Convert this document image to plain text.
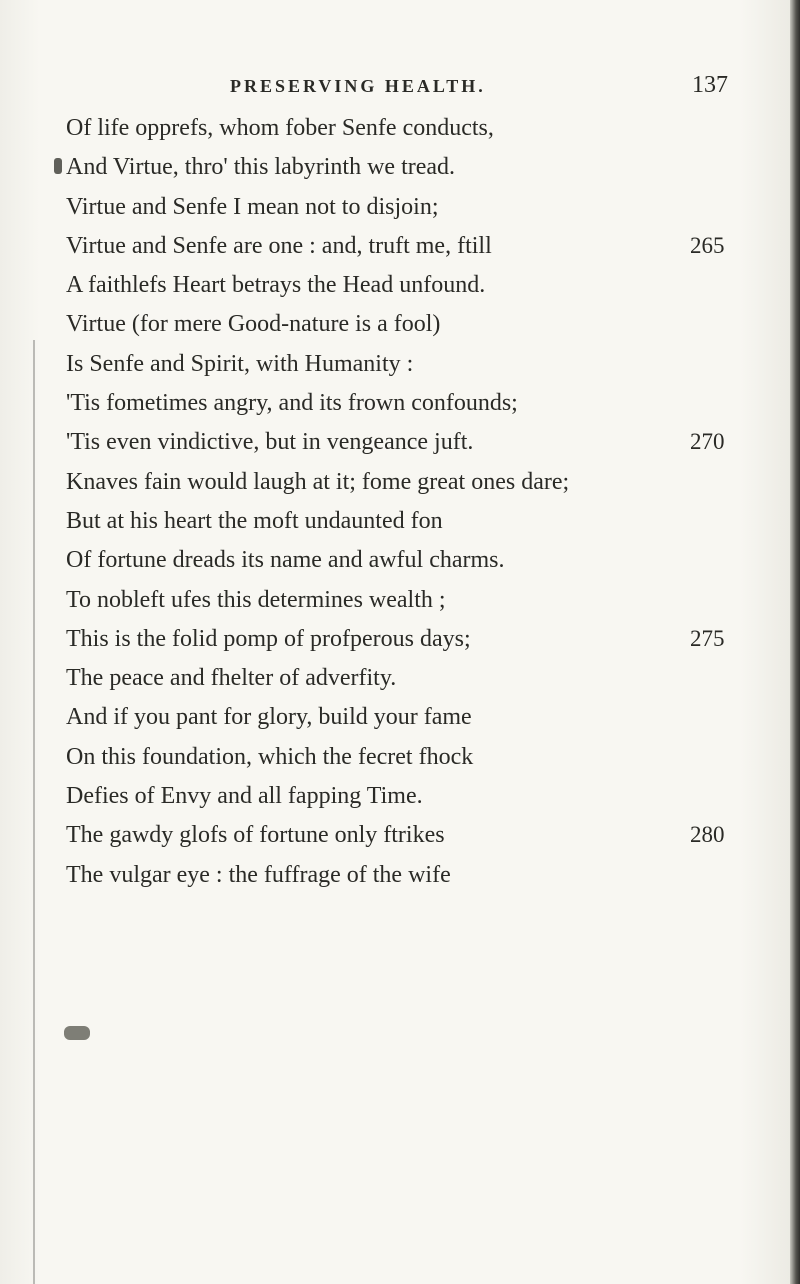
PRESERVING HEALTH.	137
Of life opprefs, whom fober Senfe conducts,
And Virtue, thro' this labyrinth we tread.
Virtue and Senfe I mean not to disjoin;
Virtue and Senfe are one : and, truft me, ftill	265
A faithlefs Heart betrays the Head unfound.
Virtue (for mere Good-nature is a fool)
Is Senfe and Spirit, with Humanity :
'Tis fometimes angry, and its frown confounds;
'Tis even vindictive, but in vengeance juft.	270
Knaves fain would laugh at it; fome great ones dare;
But at his heart the moft undaunted fon
Of fortune dreads its name and awful charms.
To nobleft ufes this determines wealth ;
This is the folid pomp of profperous days;	275
The peace and fhelter of adverfity.
And if you pant for glory, build your fame
On this foundation, which the fecret fhock
Defies of Envy and all fapping Time.
The gawdy glofs of fortune only ftrikes	280
The vulgar eye : the fuffrage of the wife
